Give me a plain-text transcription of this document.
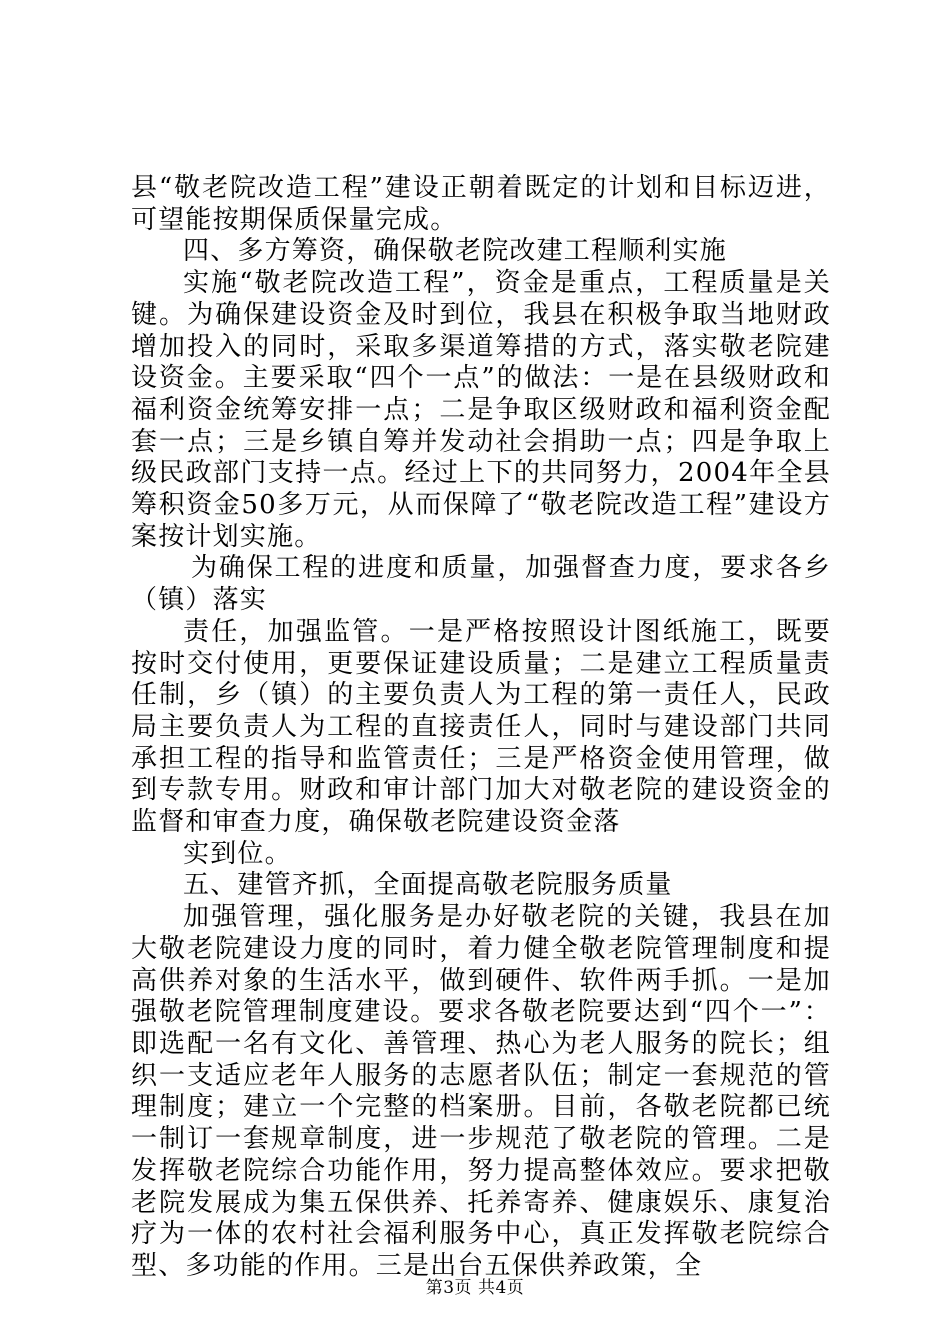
县“敬老院改造工程”建设正朝着既定的计划和目标迈进，可望能按期保质保量完成。

四、多方筹资，确保敬老院改建工程顺利实施

实施“敬老院改造工程”，资金是重点，工程质量是关键。为确保建设资金及时到位，我县在积极争取当地财政增加投入的同时，采取多渠道筹措的方式，落实敬老院建设资金。主要采取“四个一点”的做法：一是在县级财政和福利资金统筹安排一点；二是争取区级财政和福利资金配套一点；三是乡镇自筹并发动社会捐助一点；四是争取上级民政部门支持一点。经过上下的共同努力，2004年全县筹积资金50多万元，从而保障了“敬老院改造工程”建设方案按计划实施。

为确保工程的进度和质量，加强督查力度，要求各乡（镇）落实

责任，加强监管。一是严格按照设计图纸施工，既要按时交付使用，更要保证建设质量；二是建立工程质量责任制，乡（镇）的主要负责人为工程的第一责任人，民政局主要负责人为工程的直接责任人，同时与建设部门共同承担工程的指导和监管责任；三是严格资金使用管理，做到专款专用。财政和审计部门加大对敬老院的建设资金的监督和审查力度，确保敬老院建设资金落

实到位。

五、建管齐抓，全面提高敬老院服务质量

加强管理，强化服务是办好敬老院的关键，我县在加大敬老院建设力度的同时，着力健全敬老院管理制度和提高供养对象的生活水平，做到硬件、软件两手抓。一是加强敬老院管理制度建设。要求各敬老院要达到“四个一”：即选配一名有文化、善管理、热心为老人服务的院长；组织一支适应老年人服务的志愿者队伍；制定一套规范的管理制度；建立一个完整的档案册。目前，各敬老院都已统一制订一套规章制度，进一步规范了敬老院的管理。二是发挥敬老院综合功能作用，努力提高整体效应。要求把敬老院发展成为集五保供养、托养寄养、健康娱乐、康复治疗为一体的农村社会福利服务中心，真正发挥敬老院综合型、多功能的作用。三是出台五保供养政策，全

第3页 共4页
